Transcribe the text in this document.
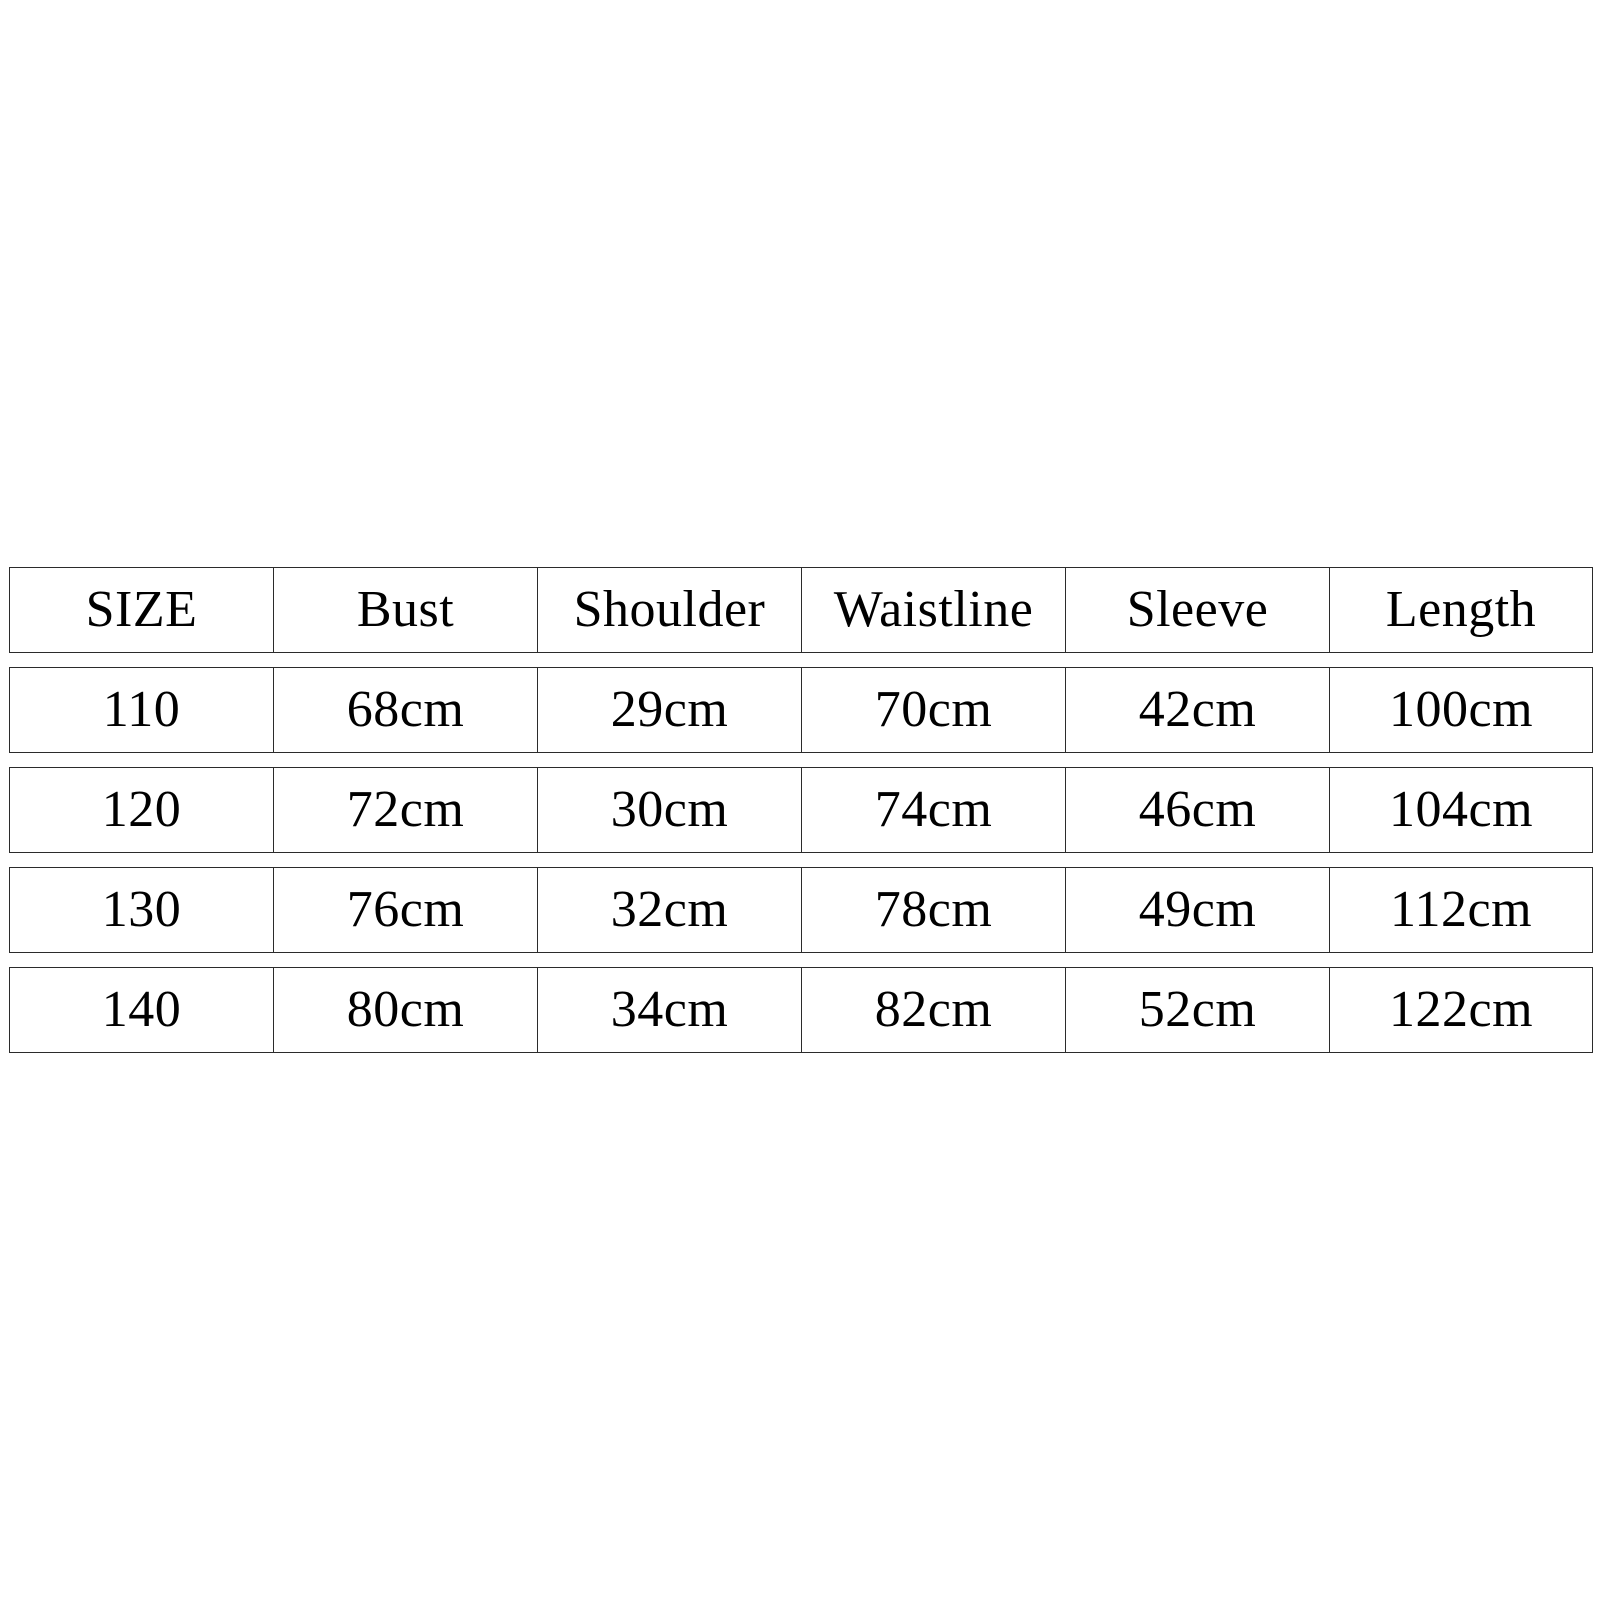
SIZE	Bust	Shoulder	Waistline	Sleeve	Length
110	68cm	29cm	70cm	42cm	100cm
120	72cm	30cm	74cm	46cm	104cm
130	76cm	32cm	78cm	49cm	112cm
140	80cm	34cm	82cm	52cm	122cm
